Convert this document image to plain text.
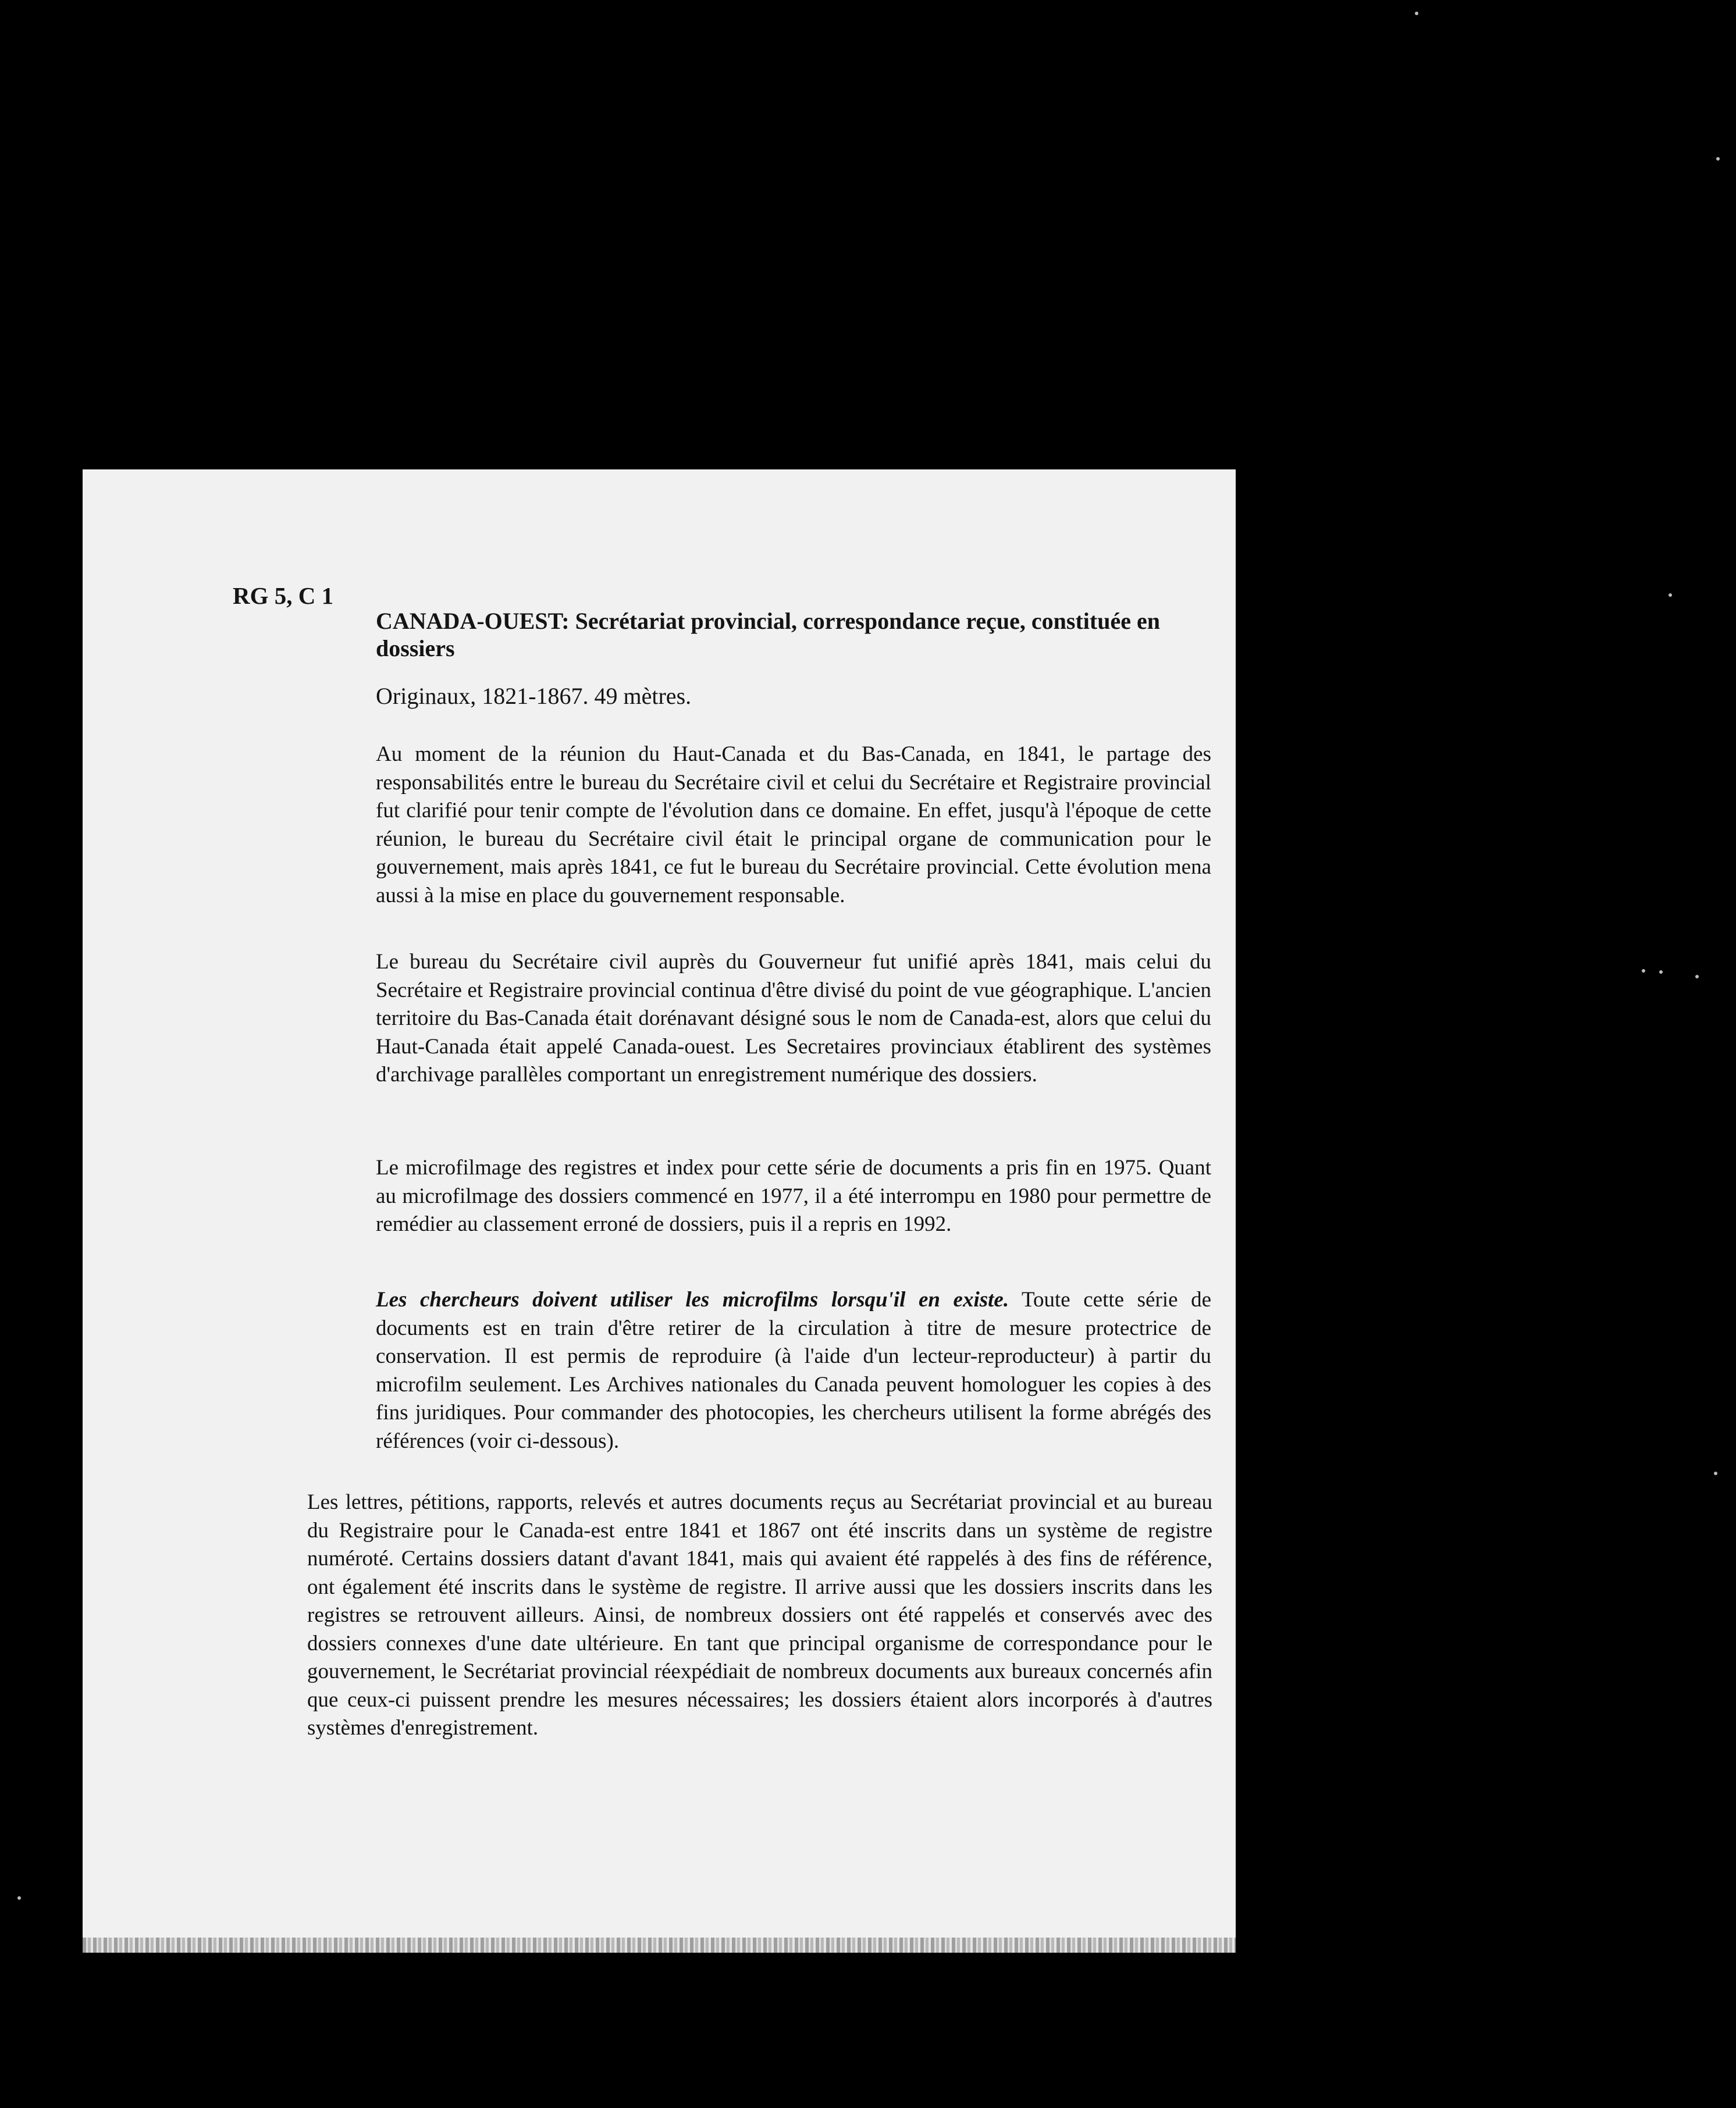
RG 5, C 1

CANADA-OUEST: Secrétariat provincial, correspondance reçue, constituée en dossiers

Originaux, 1821-1867. 49 mètres.

Au moment de la réunion du Haut-Canada et du Bas-Canada, en 1841, le partage des responsabilités entre le bureau du Secrétaire civil et celui du Secrétaire et Registraire provincial fut clarifié pour tenir compte de l'évolution dans ce domaine. En effet, jusqu'à l'époque de cette réunion, le bureau du Secrétaire civil était le principal organe de communication pour le gouvernement, mais après 1841, ce fut le bureau du Secrétaire provincial. Cette évolution mena aussi à la mise en place du gouvernement responsable.

Le bureau du Secrétaire civil auprès du Gouverneur fut unifié après 1841, mais celui du Secrétaire et Registraire provincial continua d'être divisé du point de vue géographique. L'ancien territoire du Bas-Canada était dorénavant désigné sous le nom de Canada-est, alors que celui du Haut-Canada était appelé Canada-ouest. Les Secretaires provinciaux établirent des systèmes d'archivage parallèles comportant un enregistrement numérique des dossiers.

Le microfilmage des registres et index pour cette série de documents a pris fin en 1975. Quant au microfilmage des dossiers commencé en 1977, il a été interrompu en 1980 pour permettre de remédier au classement erroné de dossiers, puis il a repris en 1992.

Les chercheurs doivent utiliser les microfilms lorsqu'il en existe. Toute cette série de documents est en train d'être retirer de la circulation à titre de mesure protectrice de conservation. Il est permis de reproduire (à l'aide d'un lecteur-reproducteur) à partir du microfilm seulement. Les Archives nationales du Canada peuvent homologuer les copies à des fins juridiques. Pour commander des photocopies, les chercheurs utilisent la forme abrégés des références (voir ci-dessous).

Les lettres, pétitions, rapports, relevés et autres documents reçus au Secrétariat provincial et au bureau du Registraire pour le Canada-est entre 1841 et 1867 ont été inscrits dans un système de registre numéroté. Certains dossiers datant d'avant 1841, mais qui avaient été rappelés à des fins de référence, ont également été inscrits dans le système de registre. Il arrive aussi que les dossiers inscrits dans les registres se retrouvent ailleurs. Ainsi, de nombreux dossiers ont été rappelés et conservés avec des dossiers connexes d'une date ultérieure. En tant que principal organisme de correspondance pour le gouvernement, le Secrétariat provincial réexpédiait de nombreux documents aux bureaux concernés afin que ceux-ci puissent prendre les mesures nécessaires; les dossiers étaient alors incorporés à d'autres systèmes d'enregistrement.
